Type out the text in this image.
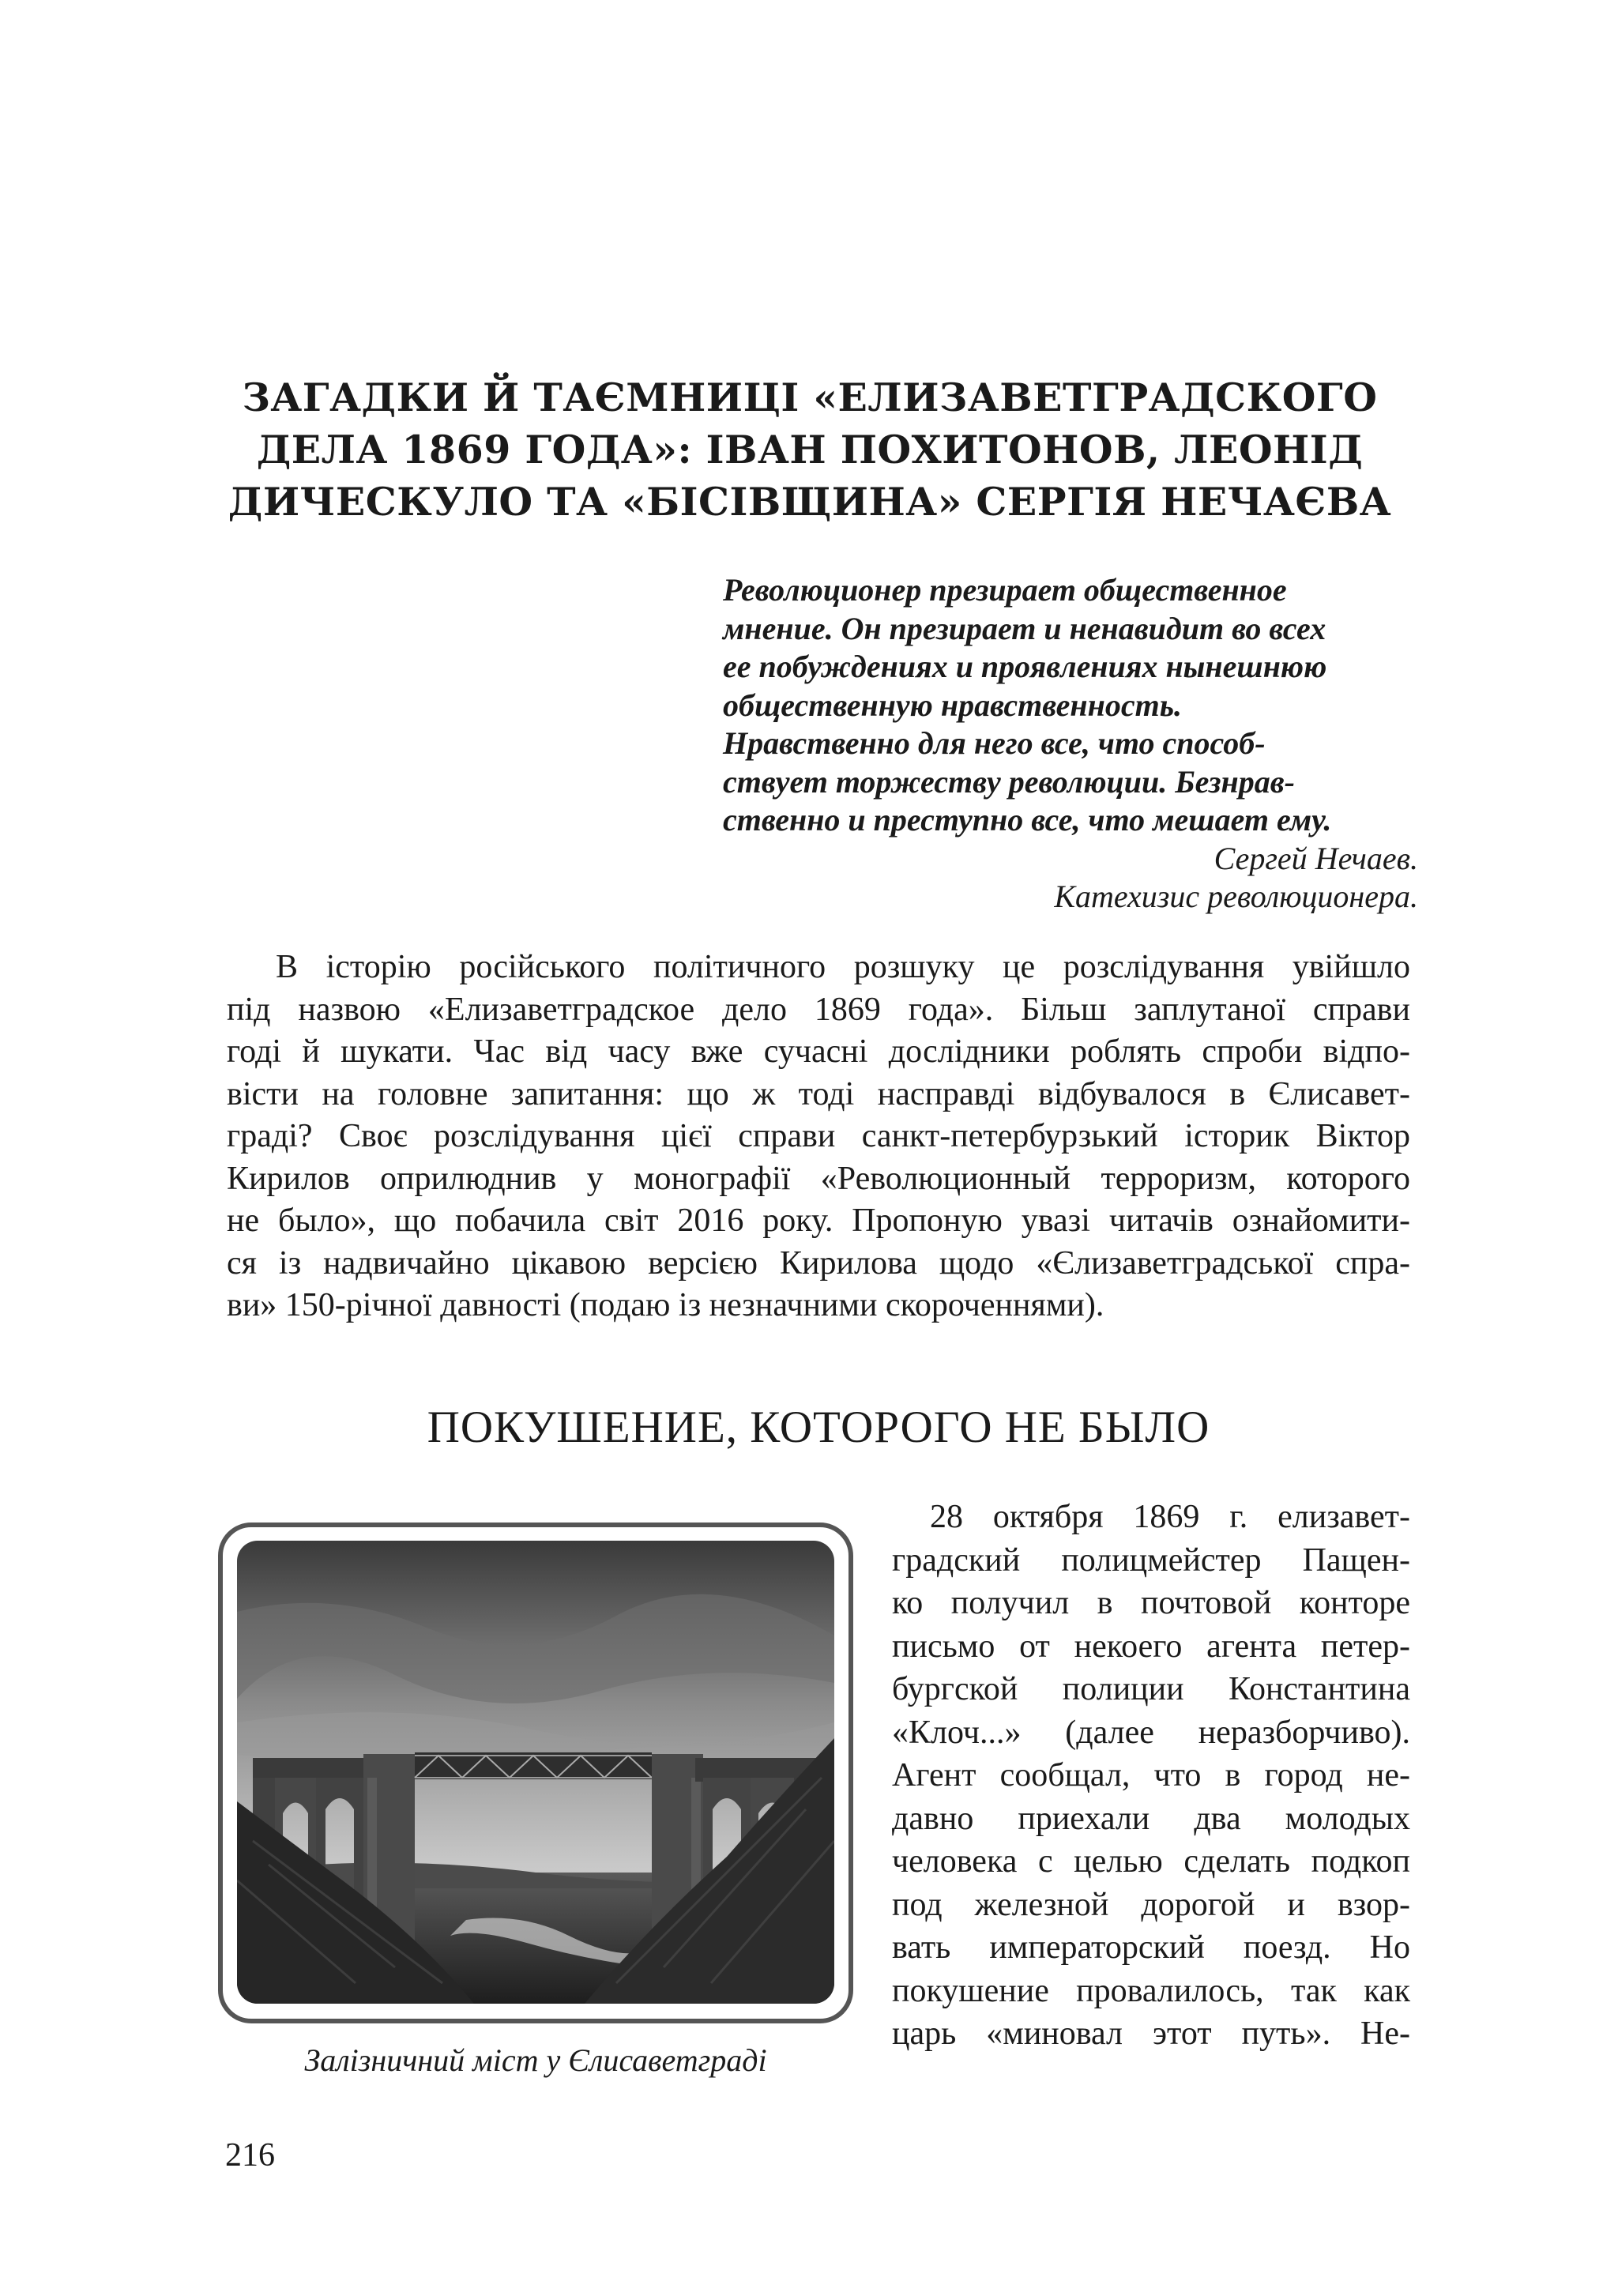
ЗАГАДКИ Й ТАЄМНИЦІ «ЕЛИЗАВЕТГРАДСКОГО
ДЕЛА 1869 ГОДА»: ІВАН ПОХИТОНОВ, ЛЕОНІД
ДИЧЕСКУЛО ТА «БІСІВЩИНА» СЕРГІЯ НЕЧАЄВА
Революционер презирает общественное
мнение. Он презирает и ненавидит во всех
ее побуждениях и проявлениях нынешнюю
общественную нравственность.
Нравственно для него все, что способ-
ствует торжеству революции. Безнрав-
ственно и преступно все, что мешает ему.
Сергей Нечаев.
Катехизис революционера.
В історію російського політичного розшуку це розслідування увійшло
під назвою «Елизаветградское дело 1869 года». Більш заплутаної справи
годі й шукати. Час від часу вже сучасні дослідники роблять спроби відпо-
вісти на головне запитання: що ж тоді насправді відбувалося в Єлисавет-
граді? Своє розслідування цієї справи санкт-петербурзький історик Віктор
Кирилов оприлюднив у монографії «Революционный терроризм, которого
не было», що побачила світ 2016 року. Пропоную увазі читачів ознайомити-
ся із надвичайно цікавою версією Кирилова щодо «Єлизаветградської спра-
ви» 150-річної давності (подаю із незначними скороченнями).
ПОКУШЕНИЕ, КОТОРОГО НЕ БЫЛО
Залізничний міст у Єлисаветграді
28 октября 1869 г. елизавет-
градский полицмейстер Пащен-
ко получил в почтовой конторе
письмо от некоего агента петер-
бургской полиции Константина
«Клоч...» (далее неразборчиво).
Агент сообщал, что в город не-
давно приехали два молодых
человека с целью сделать подкоп
под железной дорогой и взор-
вать императорский поезд. Но
покушение провалилось, так как
царь «миновал этот путь». Не-
216
